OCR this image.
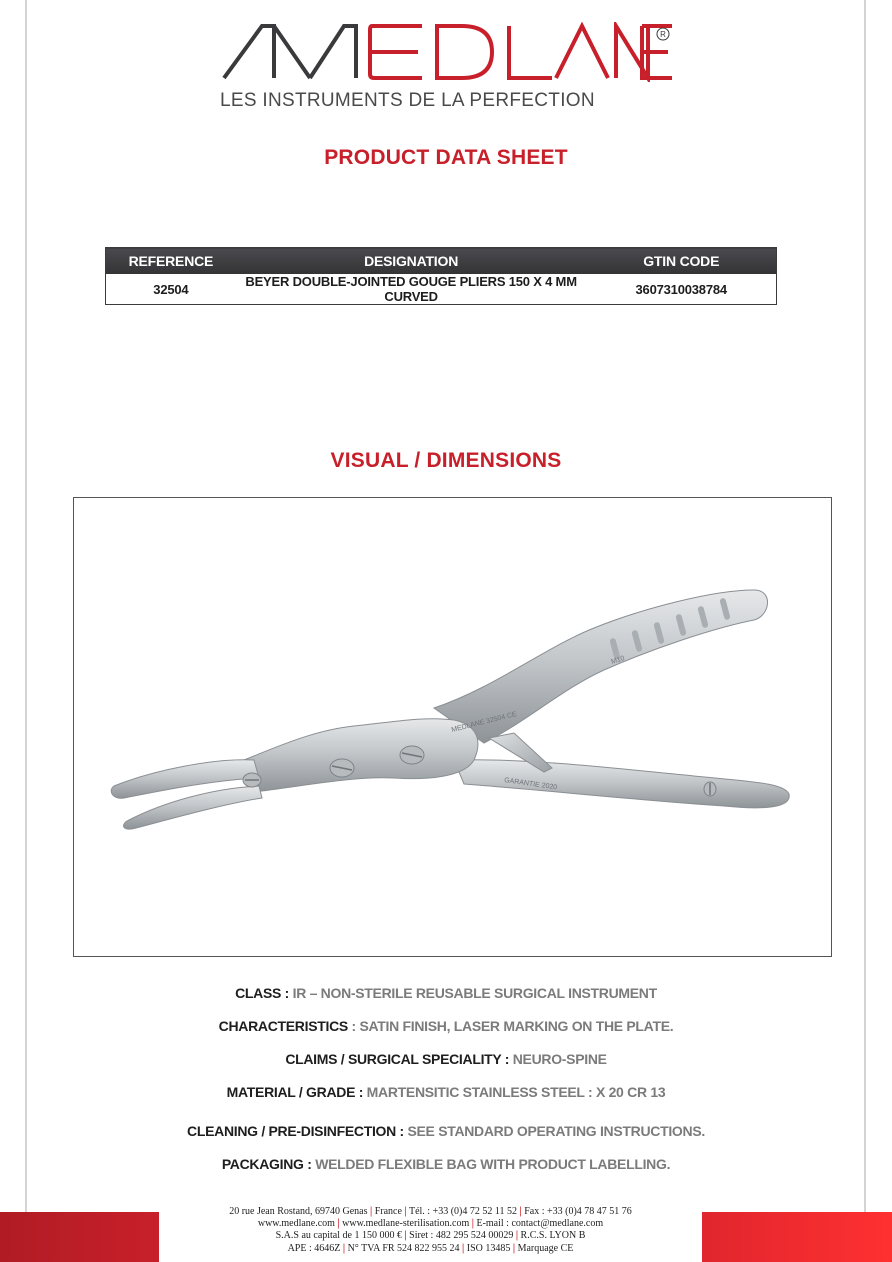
R
LES INSTRUMENTS DE LA PERFECTION
PRODUCT DATA SHEET
REFERENCE	DESIGNATION	GTIN CODE
32504	BEYER DOUBLE-JOINTED GOUGE PLIERS 150 X 4 MM CURVED	3607310038784
VISUAL / DIMENSIONS
MEDLANE 32504 CE
M10
GARANTIE 2020
CLASS : IR – NON-STERILE REUSABLE SURGICAL INSTRUMENT
CHARACTERISTICS : SATIN FINISH, LASER MARKING ON THE PLATE.
CLAIMS / SURGICAL SPECIALITY : NEURO-SPINE
MATERIAL / GRADE : MARTENSITIC STAINLESS STEEL : X 20 CR 13
CLEANING / PRE-DISINFECTION : SEE STANDARD OPERATING INSTRUCTIONS.
PACKAGING : WELDED FLEXIBLE BAG WITH PRODUCT LABELLING.
20 rue Jean Rostand, 69740 Genas | France | Tél. : +33 (0)4 72 52 11 52 | Fax : +33 (0)4 78 47 51 76
www.medlane.com | www.medlane-sterilisation.com | E-mail : contact@medlane.com
S.A.S au capital de 1 150 000 € | Siret : 482 295 524 00029 | R.C.S. LYON B
APE : 4646Z | N° TVA FR 524 822 955 24 | ISO 13485 | Marquage CE
